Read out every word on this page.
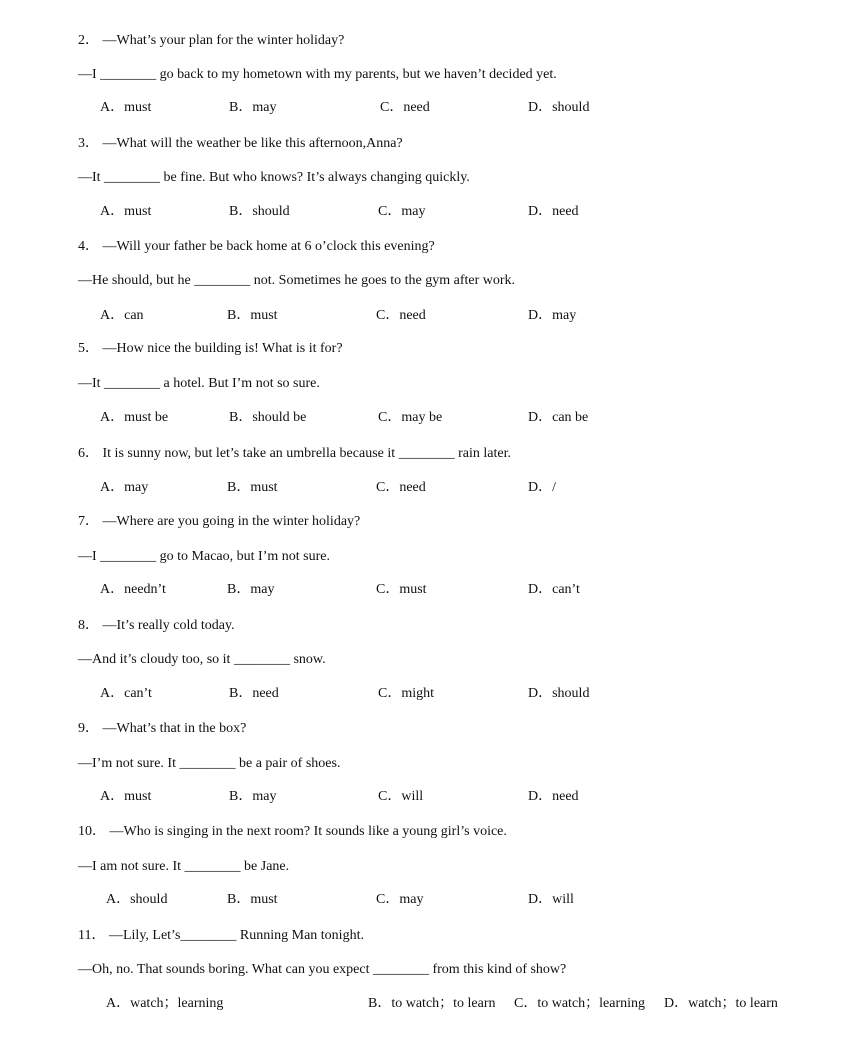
2． —What’s your plan for the winter holiday?
—I ________ go back to my hometown with my parents, but we haven’t decided yet.
A．must	B．may	C．need	D．should
3． —What will the weather be like this afternoon,Anna?
—It ________ be fine. But who knows? It’s always changing quickly.
A．must	B．should	C．may	D．need
4． —Will your father be back home at 6 o’clock this evening?
—He should, but he ________ not. Sometimes he goes to the gym after work.
A．can	B．must	C．need	D．may
5． —How nice the building is! What is it for?
—It ________ a hotel. But I’m not so sure.
A．must be	B．should be	C．may be	D．can be
6． It is sunny now, but let’s take an umbrella because it ________ rain later.
A．may	B．must	C．need	D．/
7． —Where are you going in the winter holiday?
—I ________ go to Macao, but I’m not sure.
A．needn’t	B．may	C．must	D．can’t
8． —It’s really cold today.
—And it’s cloudy too, so it ________ snow.
A．can’t	B．need	C．might	D．should
9． —What’s that in the box?
—I’m not sure. It ________ be a pair of shoes.
A．must	B．may	C．will	D．need
10． —Who is singing in the next room? It sounds like a young girl’s voice.
—I am not sure. It ________ be Jane.
A．should	B．must	C．may	D．will
11． —Lily, Let’s________ Running Man tonight.
—Oh, no. That sounds boring. What can you expect ________ from this kind of show?
A．watch；learning	B．to watch；to learn C．to watch；learning D．watch；to learn
